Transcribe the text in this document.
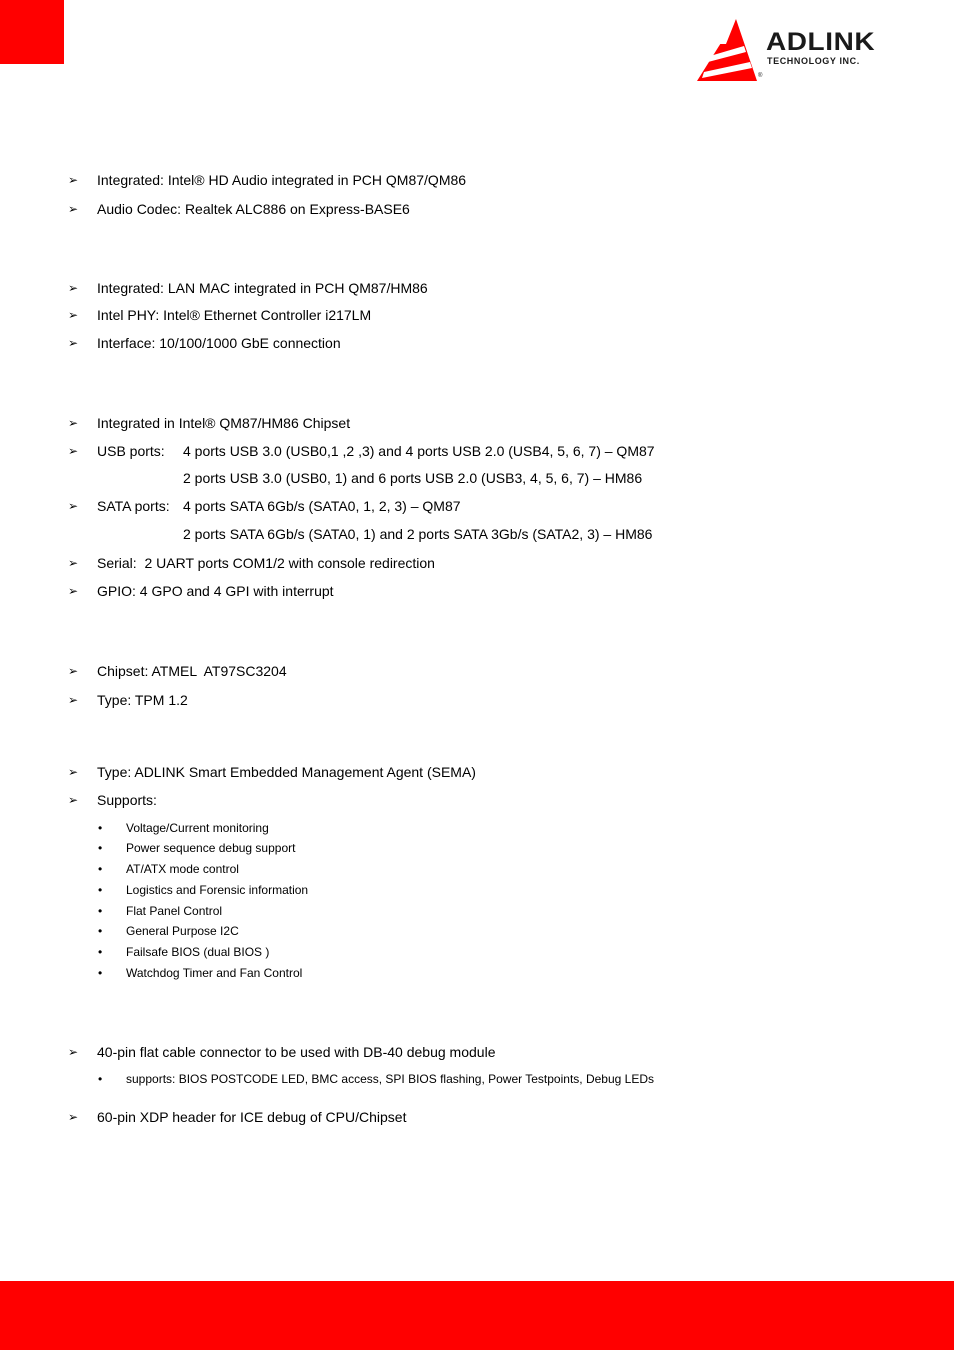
ADLINK
TECHNOLOGY INC.
®

➢

Integrated: Intel® HD Audio integrated in PCH QM87/QM86

➢

Audio Codec: Realtek ALC886 on Express-BASE6

➢

Integrated: LAN MAC integrated in PCH QM87/HM86

➢

Intel PHY: Intel® Ethernet Controller i217LM

➢

Interface: 10/100/1000 GbE connection

➢

Integrated in Intel® QM87/HM86 Chipset

➢

USB ports:

4 ports USB 3.0 (USB0,1 ,2 ,3) and 4 ports USB 2.0 (USB4, 5, 6, 7) – QM87

2 ports USB 3.0 (USB0, 1) and 6 ports USB 2.0 (USB3, 4, 5, 6, 7) – HM86

➢

SATA ports:

4 ports SATA 6Gb/s (SATA0, 1, 2, 3) – QM87

2 ports SATA 6Gb/s (SATA0, 1) and 2 ports SATA 3Gb/s (SATA2, 3) – HM86

➢

Serial:  2 UART ports COM1/2 with console redirection

➢

GPIO: 4 GPO and 4 GPI with interrupt

➢

Chipset: ATMEL  AT97SC3204

➢

Type: TPM 1.2

➢

Type: ADLINK Smart Embedded Management Agent (SEMA)

➢

Supports:

•

Voltage/Current monitoring

•

Power sequence debug support

•

AT/ATX mode control

•

Logistics and Forensic information

•

Flat Panel Control

•

General Purpose I2C

•

Failsafe BIOS (dual BIOS )

•

Watchdog Timer and Fan Control

➢

40-pin flat cable connector to be used with DB-40 debug module

•

supports: BIOS POSTCODE LED, BMC access, SPI BIOS flashing, Power Testpoints, Debug LEDs

➢

60-pin XDP header for ICE debug of CPU/Chipset
